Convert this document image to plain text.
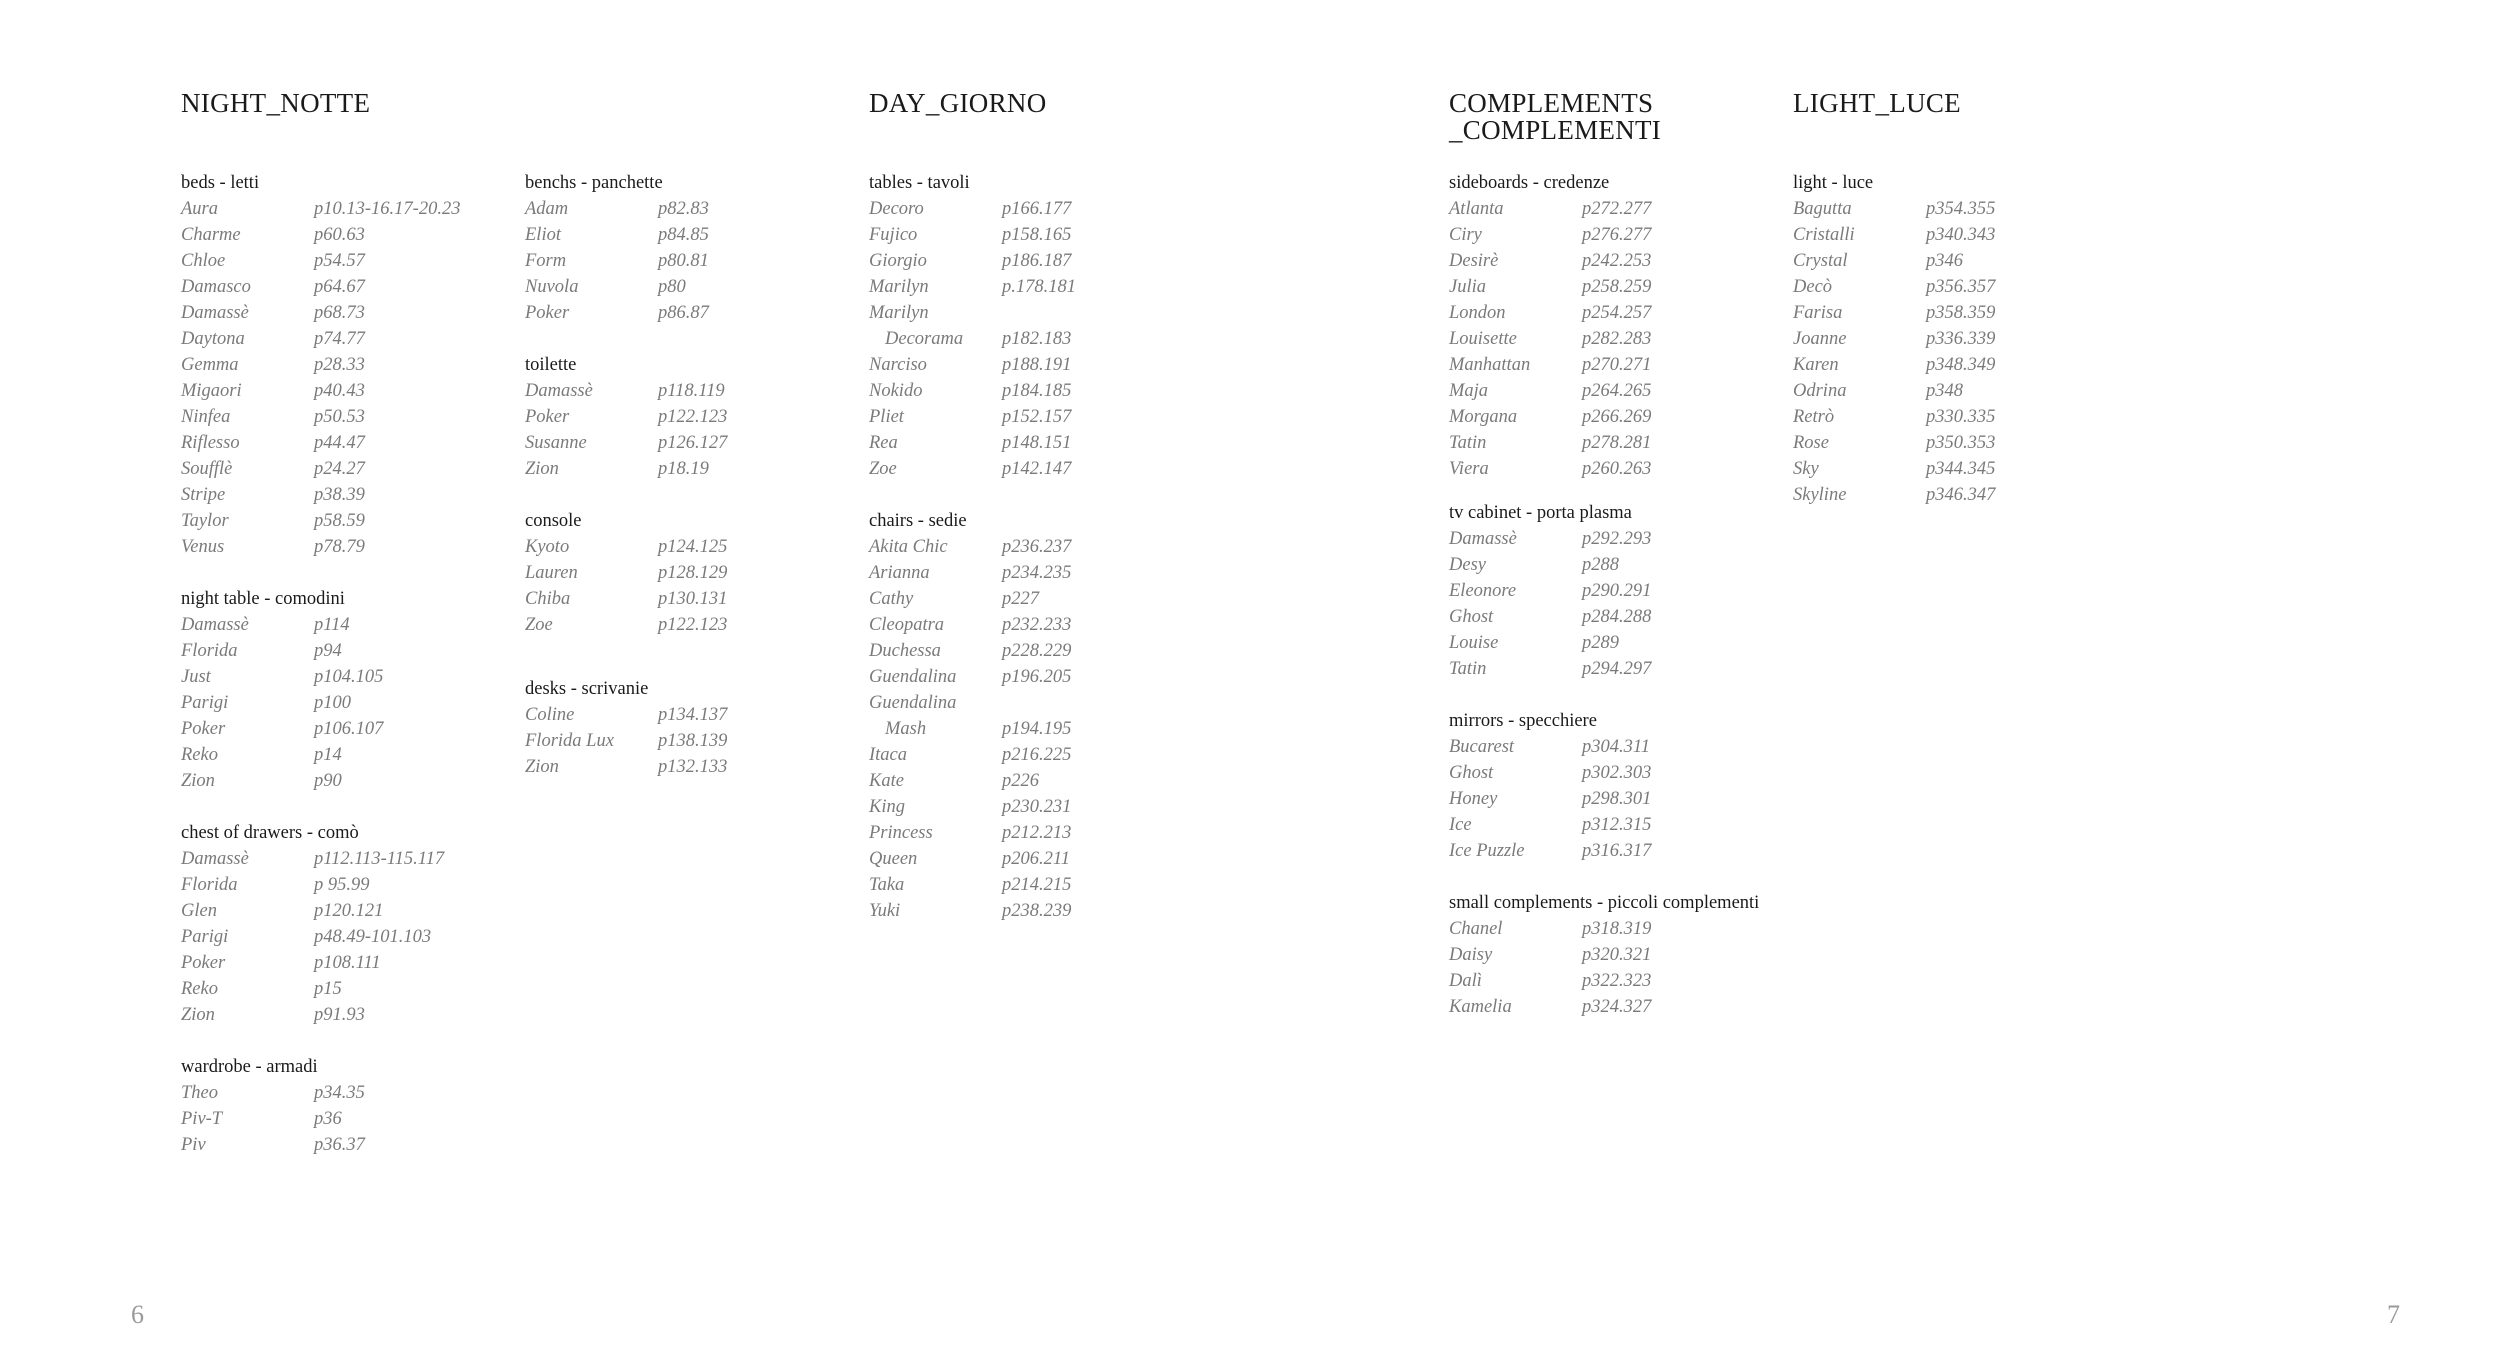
NIGHT_NOTTE	DAY_GIORNO	COMPLEMENTS
_COMPLEMENTI
LIGHT_LUCE
beds - letti
Aura	p10.13-16.17-20.23
Charme	p60.63
Chloe	p54.57
Damasco	p64.67
Damassè	p68.73
Daytona	p74.77
Gemma	p28.33
Migaori	p40.43
Ninfea	p50.53
Riflesso	p44.47
Soufflè	p24.27
Stripe	p38.39
Taylor	p58.59
Venus	p78.79
night table - comodini
Damassè	p114
Florida	p94
Just	p104.105
Parigi	p100
Poker	p106.107
Reko	p14
Zion	p90
chest of drawers - comò
Damassè	p112.113-115.117
Florida	p 95.99
Glen	p120.121
Parigi	p48.49-101.103
Poker	p108.111
Reko	p15
Zion	p91.93
wardrobe - armadi
Theo	p34.35
Piv-T	p36
Piv	p36.37
benchs - panchette
Adam	p82.83
Eliot	p84.85
Form	p80.81
Nuvola	p80
Poker	p86.87
toilette
Damassè	p118.119
Poker	p122.123
Susanne	p126.127
Zion	p18.19
console
Kyoto	p124.125
Lauren	p128.129
Chiba	p130.131
Zoe	p122.123
desks - scrivanie
Coline	p134.137
Florida Lux	p138.139
Zion	p132.133
tables - tavoli
Decoro	p166.177
Fujico	p158.165
Giorgio	p186.187
Marilyn	p.178.181
Marilyn
Decorama	p182.183
Narciso	p188.191
Nokido	p184.185
Pliet	p152.157
Rea	p148.151
Zoe	p142.147
chairs - sedie
Akita Chic	p236.237
Arianna	p234.235
Cathy	p227
Cleopatra	p232.233
Duchessa	p228.229
Guendalina	p196.205
Guendalina
Mash	p194.195
Itaca	p216.225
Kate	p226
King	p230.231
Princess	p212.213
Queen	p206.211
Taka	p214.215
Yuki	p238.239
sideboards - credenze
Atlanta	p272.277
Ciry	p276.277
Desirè	p242.253
Julia	p258.259
London	p254.257
Louisette	p282.283
Manhattan	p270.271
Maja	p264.265
Morgana	p266.269
Tatin	p278.281
Viera	p260.263
tv cabinet - porta plasma
Damassè	p292.293
Desy	p288
Eleonore	p290.291
Ghost	p284.288
Louise	p289
Tatin	p294.297
mirrors - specchiere
Bucarest	p304.311
Ghost	p302.303
Honey	p298.301
Ice	p312.315
Ice Puzzle	p316.317
small complements - piccoli complementi
Chanel	p318.319
Daisy	p320.321
Dalì	p322.323
Kamelia	p324.327
light - luce
Bagutta	p354.355
Cristalli	p340.343
Crystal	p346
Decò	p356.357
Farisa	p358.359
Joanne	p336.339
Karen	p348.349
Odrina	p348
Retrò	p330.335
Rose	p350.353
Sky	p344.345
Skyline	p346.347
6	7
